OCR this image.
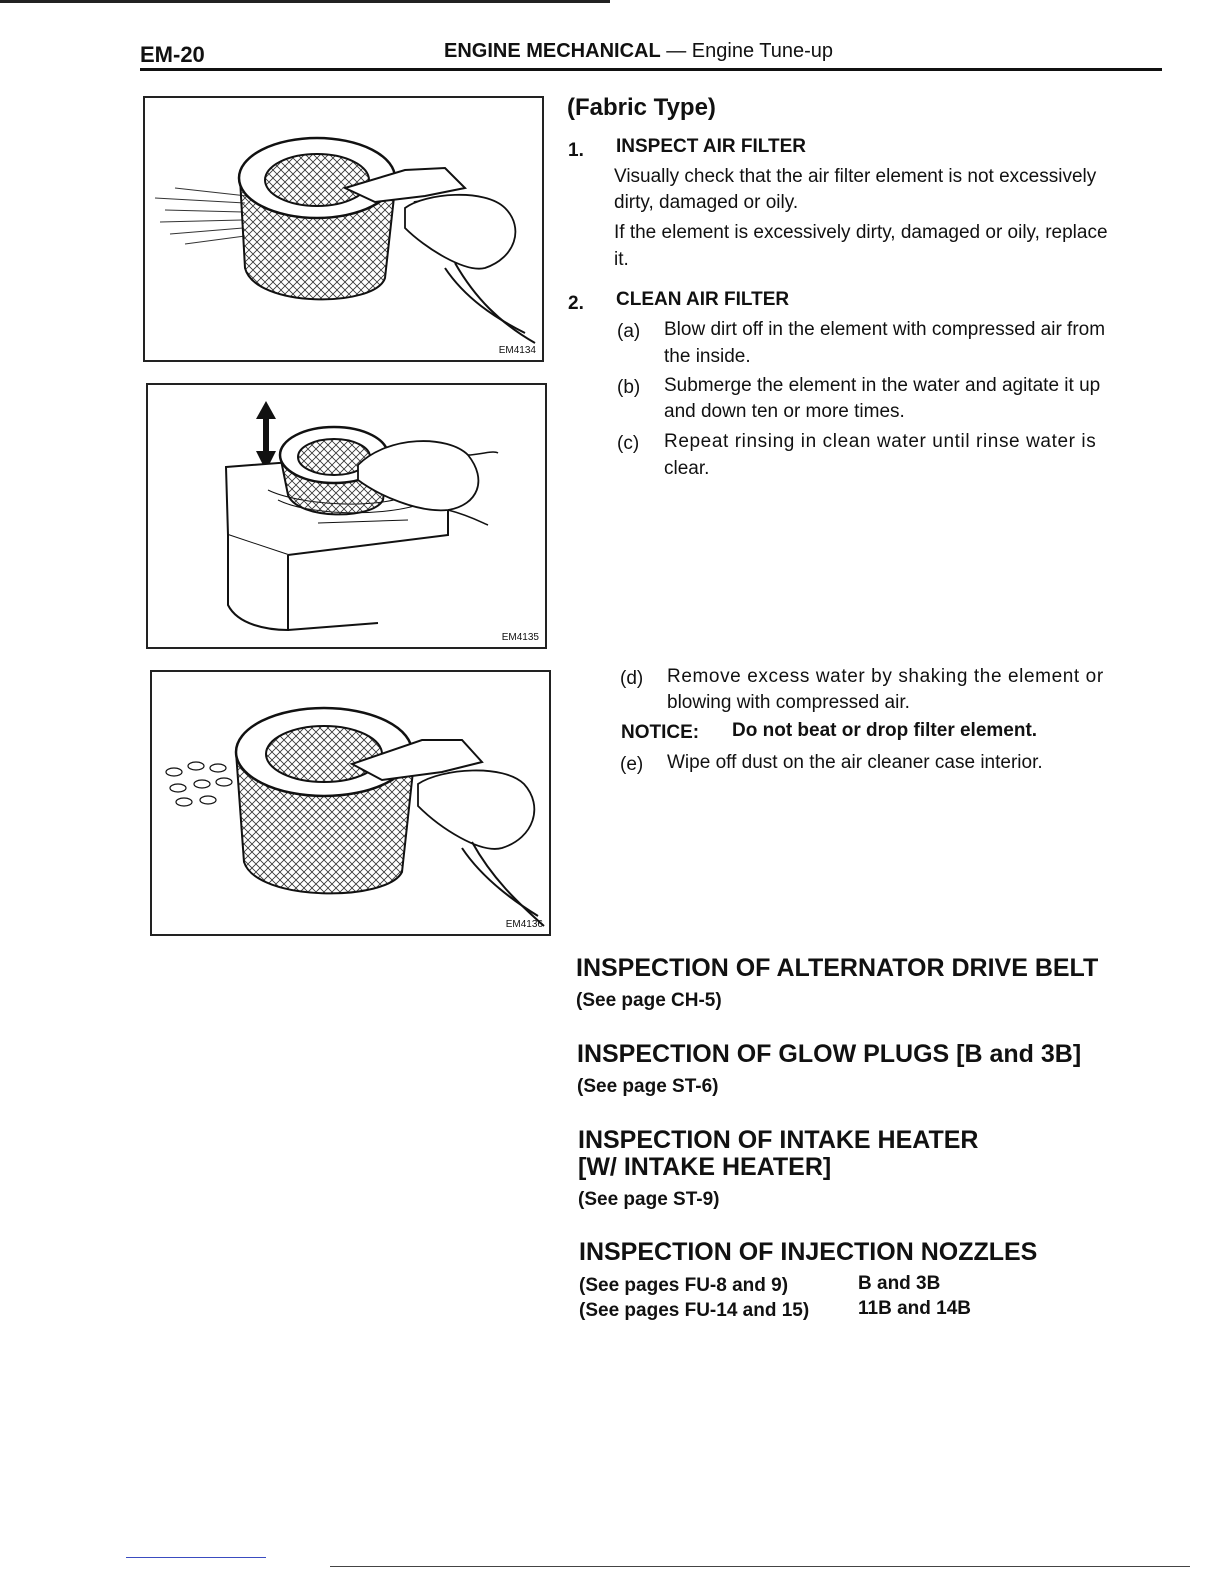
EM-20	ENGINE MECHANICAL — Engine Tune-up
EM4134
EM4135
EM4136
(Fabric Type)
1. INSPECT AIR FILTER
Visually check that the air filter element is not excessively
dirty, damaged or oily.
If the element is excessively dirty, damaged or oily, replace
it.
2. CLEAN AIR FILTER
(a) Blow dirt off in the element with compressed air from
the inside.
(b) Submerge the element in the water and agitate it up
and down ten or more times.
(c) Repeat rinsing in clean water until rinse water is
clear.
(d) Remove excess water by shaking the element or
blowing with compressed air.
NOTICE: Do not beat or drop filter element.
(e) Wipe off dust on the air cleaner case interior.
INSPECTION OF ALTERNATOR DRIVE BELT
(See page CH-5)
INSPECTION OF GLOW PLUGS [B and 3B]
(See page ST-6)
INSPECTION OF INTAKE HEATER
[W/ INTAKE HEATER]
(See page ST-9)
INSPECTION OF INJECTION NOZZLES
(See pages FU-8 and 9)	B and 3B
(See pages FU-14 and 15)	11B and 14B
